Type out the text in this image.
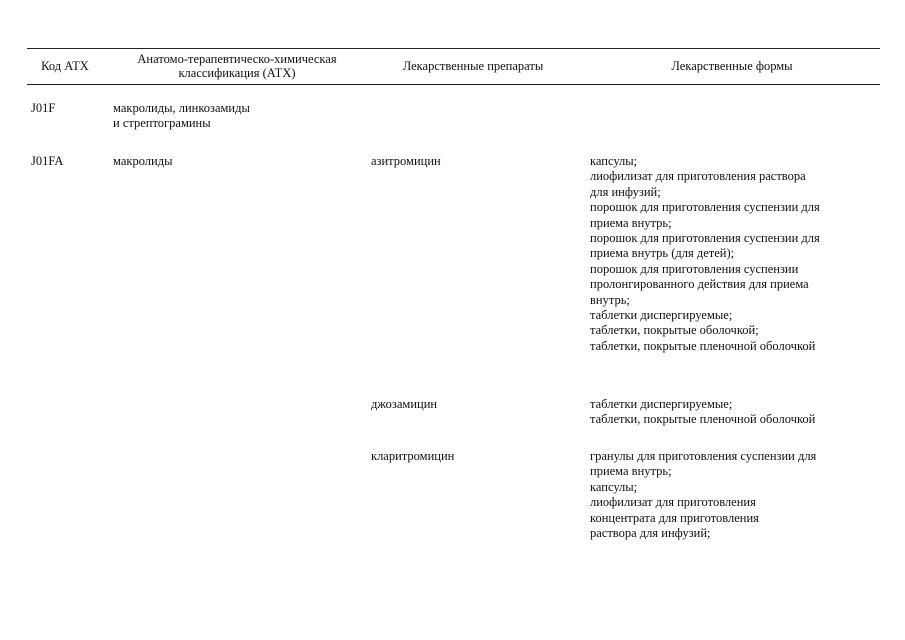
Код АТХ	Анатомо-терапевтическо-химическая
классификация (АТХ)	Лекарственные препараты	Лекарственные формы
J01F	макролиды, линкозамиды
и стрептограмины
J01FA	макролиды	азитромицин	капсулы;
лиофилизат для приготовления раствора
для инфузий;
порошок для приготовления суспензии для
приема внутрь;
порошок для приготовления суспензии для
приема внутрь (для детей);
порошок для приготовления суспензии
пролонгированного действия для приема
внутрь;
таблетки диспергируемые;
таблетки, покрытые оболочкой;
таблетки, покрытые пленочной оболочкой
джозамицин	таблетки диспергируемые;
таблетки, покрытые пленочной оболочкой
кларитромицин	гранулы для приготовления суспензии для
приема внутрь;
капсулы;
лиофилизат для приготовления
концентрата для приготовления
раствора для инфузий;
